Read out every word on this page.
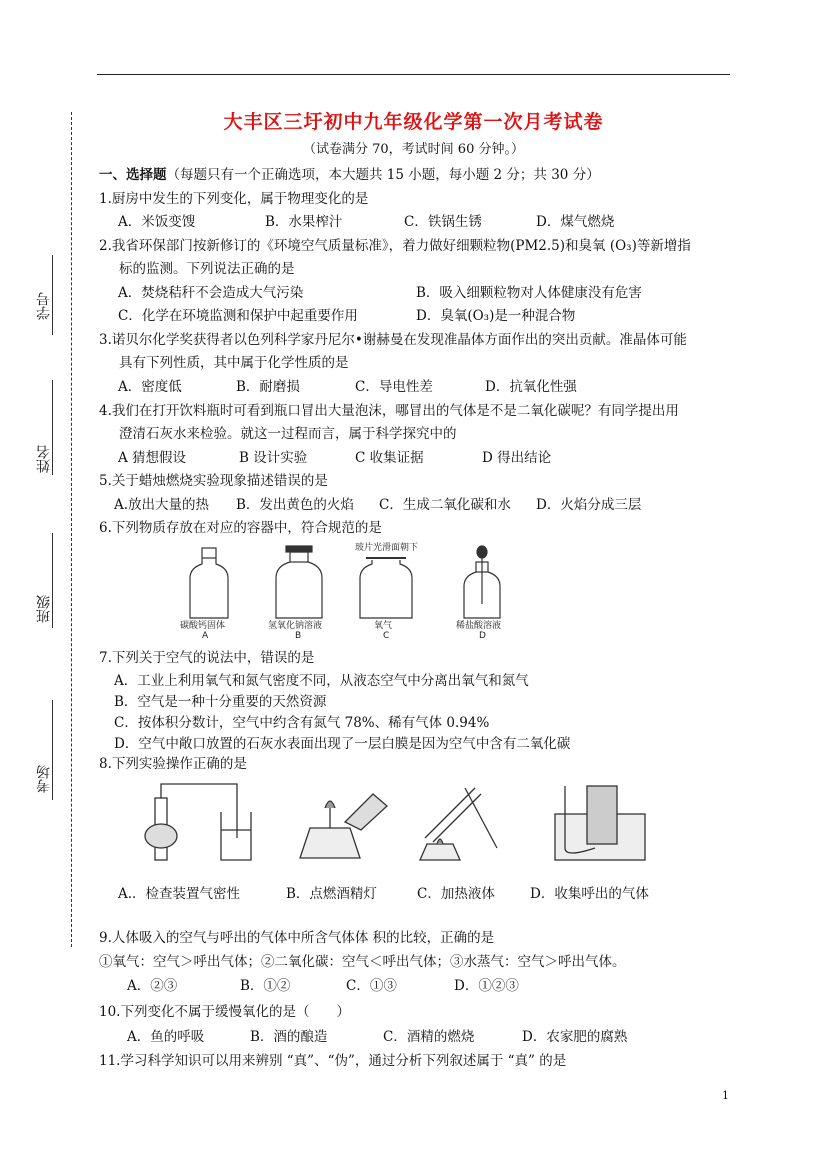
学号
姓名
班级
考场
大丰区三圩初中九年级化学第一次月考试卷
（试卷满分 70，考试时间 60 分钟。）
一、选择题（每题只有一个正确选项，本大题共 15 小题，每小题 2 分；共 30 分）
1.厨房中发生的下列变化，属于物理变化的是
A．米饭变馊	B．水果榨汁	C．铁锅生锈	D．煤气燃烧
2.我省环保部门按新修订的《环境空气质量标准》，着力做好细颗粒物(PM2.5)和臭氧 (O₃)等新增指
标的监测。下列说法正确的是
A．焚烧秸秆不会造成大气污染	B．吸入细颗粒物对人体健康没有危害
C．化学在环境监测和保护中起重要作用	D．臭氧(O₃)是一种混合物
3.诺贝尔化学奖获得者以色列科学家丹尼尔•谢赫曼在发现准晶体方面作出的突出贡献。准晶体可能
具有下列性质，其中属于化学性质的是
A．密度低	B．耐磨损	C．导电性差	D．抗氧化性强
4.我们在打开饮料瓶时可看到瓶口冒出大量泡沫，哪冒出的气体是不是二氧化碳呢？有同学提出用
澄清石灰水来检验。就这一过程而言，属于科学探究中的
A 猜想假设	B 设计实验	C 收集证据	D 得出结论
5.关于蜡烛燃烧实验现象描述错误的是
A.放出大量的热 B．发出黄色的火焰 C．生成二氧化碳和水 D．火焰分成三层
6.下列物质存放在对应的容器中，符合规范的是
玻片光滑面朝下
碳酸钙固体	氢氧化钠溶液	氧气	稀盐酸溶液
A	B	C	D
7.下列关于空气的说法中，错误的是
A．工业上利用氧气和氮气密度不同，从液态空气中分离出氧气和氮气
B．空气是一种十分重要的天然资源
C．按体积分数计，空气中约含有氮气 78%、稀有气体 0.94%
D．空气中敞口放置的石灰水表面出现了一层白膜是因为空气中含有二氧化碳
8.下列实验操作正确的是
A.．检查装置气密性	B．点燃酒精灯	C．加热液体	D．收集呼出的气体
9.人体吸入的空气与呼出的气体中所含气体体 积的比较，正确的是
①氧气：空气＞呼出气体；②二氧化碳：空气＜呼出气体；③水蒸气：空气＞呼出气体。
A．②③	B．①②	C．①③	D．①②③
10.下列变化不属于缓慢氧化的是（　　）
A．鱼的呼吸	B．酒的酿造	C．酒精的燃烧	D．农家肥的腐熟
11.学习科学知识可以用来辨别 “真”、“伪”，通过分析下列叙述属于 “真” 的是
1
